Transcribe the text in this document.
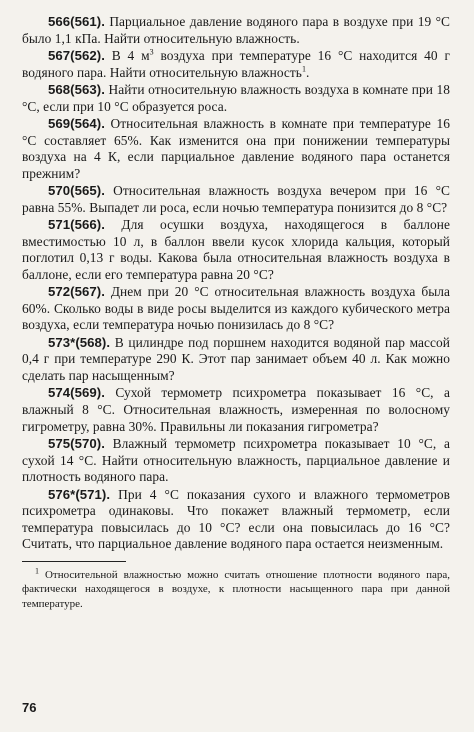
566(561). Парциальное давление водяного пара в воздухе при 19 °С было 1,1 кПа. Найти относительную влажность.

567(562). В 4 $м^3$ воздуха при температуре 16 °С находится 40 г водяного пара. Найти относительную влажность$^1$.

568(563). Найти относительную влажность воздуха в комнате при 18 °С, если при 10 °С образуется роса.

569(564). Относительная влажность в комнате при температуре 16 °С составляет 65%. Как изменится она при понижении температуры воздуха на 4 К, если парциальное давление водяного пара останется прежним?

570(565). Относительная влажность воздуха вечером при 16 °С равна 55%. Выпадет ли роса, если ночью температура понизится до 8 °С?

571(566). Для осушки воздуха, находящегося в баллоне вместимостью 10 л, в баллон ввели кусок хлорида кальция, который поглотил 0,13 г воды. Какова была относительная влажность воздуха в баллоне, если его температура равна 20 °С?

572(567). Днем при 20 °С относительная влажность воздуха была 60%. Сколько воды в виде росы выделится из каждого кубического метра воздуха, если температура ночью понизилась до 8 °С?

573*(568). В цилиндре под поршнем находится водяной пар массой 0,4 г при температуре 290 К. Этот пар занимает объем 40 л. Как можно сделать пар насыщенным?

574(569). Сухой термометр психрометра показывает 16 °С, а влажный 8 °С. Относительная влажность, измеренная по волосному гигрометру, равна 30%. Правильны ли показания гигрометра?

575(570). Влажный термометр психрометра показывает 10 °С, а сухой 14 °С. Найти относительную влажность, парциальное давление и плотность водяного пара.

576*(571). При 4 °С показания сухого и влажного термометров психрометра одинаковы. Что покажет влажный термометр, если температура повысилась до 10 °С? если она повысилась до 16 °С? Считать, что парциальное давление водяного пара остается неизменным.

$^1$ Относительной влажностью можно считать отношение плотности водяного пара, фактически находящегося в воздухе, к плотности насыщенного пара при данной температуре.

76
